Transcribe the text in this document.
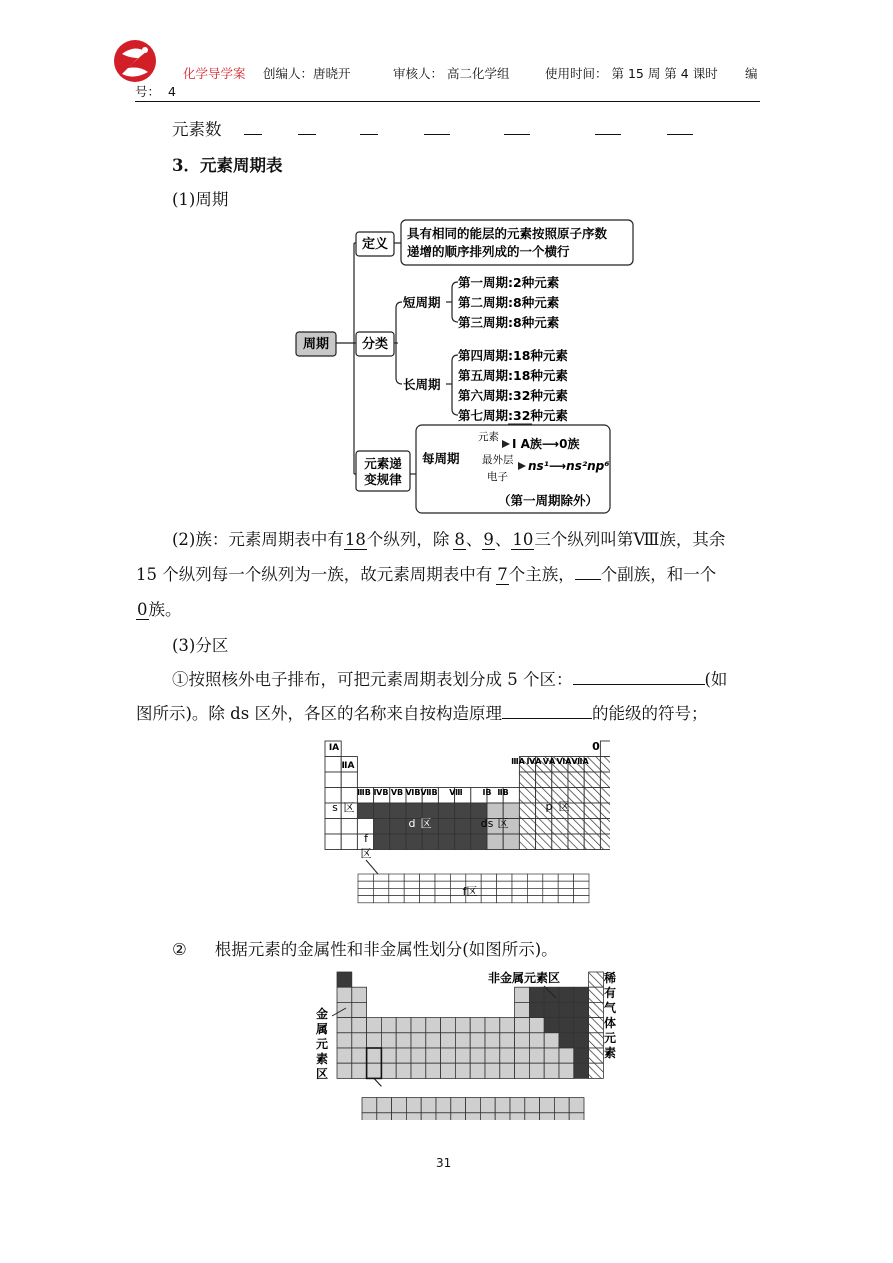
化学导学案 创编人：唐晓开	审核人： 高二化学组	使用时间： 第 15 周 第 4 课时 编
号： 4
元素数
3．元素周期表
(1)周期
周期
定义
具有相同的能层的元素按照原子序数
递增的顺序排列成的一个横行
分类
短周期
第一周期:2种元素
第二周期:8种元素
第三周期:8种元素
长周期
第四周期:18种元素
第五周期:18种元素
第六周期:32种元素
第七周期:32种元素
元素递
变规律
每周期
元素 Ⅰ A族⟶0族
最外层
电子
ns¹⟶ns²np⁶
（第一周期除外）
(2)族：元素周期表中有18个纵列，除 8、9、10三个纵列叫第Ⅷ族，其余
15 个纵列每一个纵列为一族，故元素周期表中有 7个主族， 个副族，和一个
0族。
(3)分区
①按照核外电子排布，可把元素周期表划分成 5 个区：	(如
图所示)。除 ds 区外，各区的名称来自按构造原理	的能级的符号；
ⅠA
ⅡA
ⅢB ⅣB ⅤB ⅥB ⅦB Ⅷ ⅠB ⅡB
ⅢA ⅣA ⅤA ⅥA ⅦA
0
s 区
d 区	ds 区
p 区
f
区
f区
② 根据元素的金属性和非金属性划分(如图所示)。
非金属元素区
金
属
元
素
区
稀
有
气
体
元
素
31
